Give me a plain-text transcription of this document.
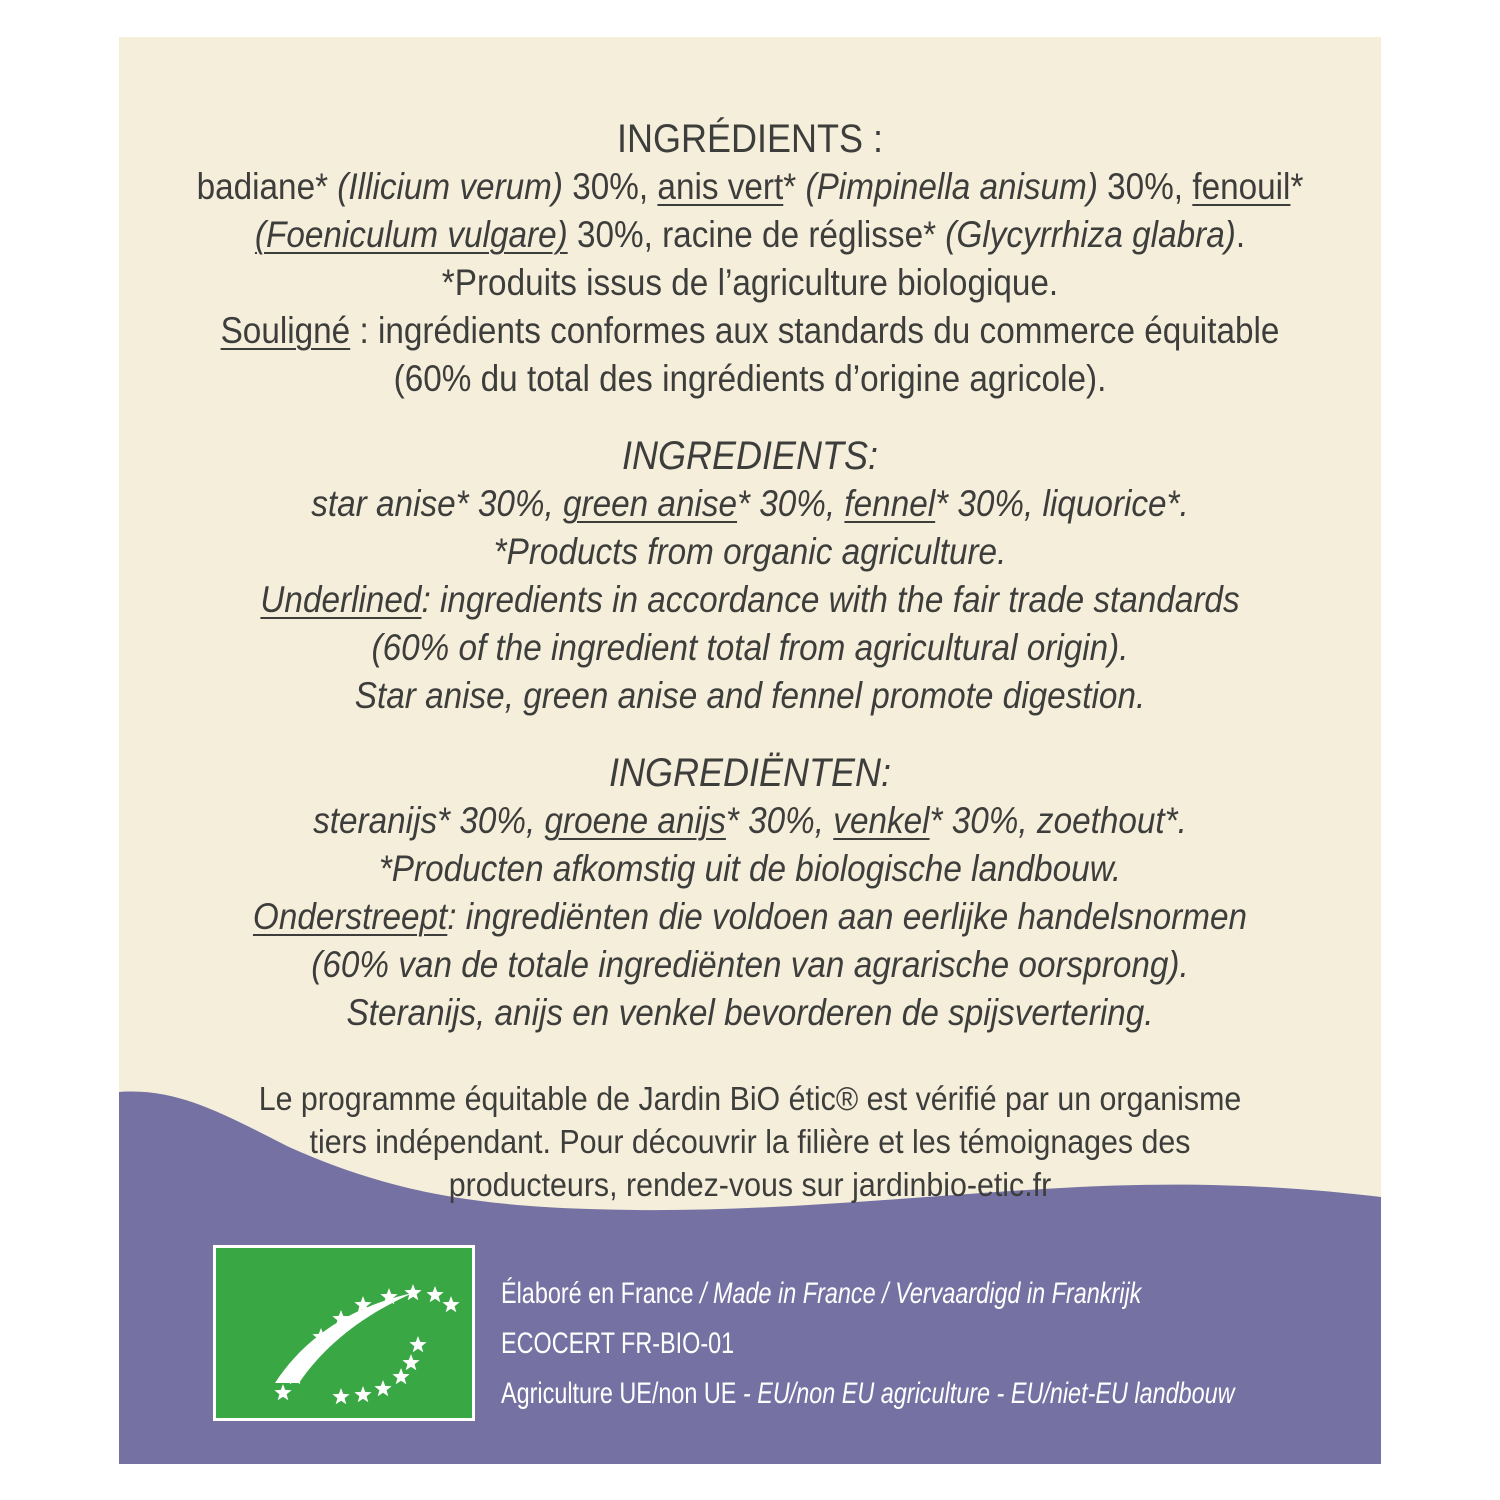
INGRÉDIENTS :

badiane* (Illicium verum) 30%, anis vert* (Pimpinella anisum) 30%, fenouil*

(Foeniculum vulgare) 30%, racine de réglisse* (Glycyrrhiza glabra).

*Produits issus de l’agriculture biologique.

Souligné : ingrédients conformes aux standards du commerce équitable

(60% du total des ingrédients d’origine agricole).

INGREDIENTS:

star anise* 30%, green anise* 30%, fennel* 30%, liquorice*.

*Products from organic agriculture.

Underlined: ingredients in accordance with the fair trade standards

(60% of the ingredient total from agricultural origin).

Star anise, green anise and fennel promote digestion.

INGREDIËNTEN:

steranijs* 30%, groene anijs* 30%, venkel* 30%, zoethout*.

*Producten afkomstig uit de biologische landbouw.

Onderstreept: ingrediënten die voldoen aan eerlijke handelsnormen

(60% van de totale ingrediënten van agrarische oorsprong).

Steranijs, anijs en venkel bevorderen de spijsvertering.

Le programme équitable de Jardin BiO étic® est vérifié par un organisme

tiers indépendant. Pour découvrir la filière et les témoignages des

producteurs, rendez-vous sur jardinbio-etic.fr

Élaboré en France / Made in France / Vervaardigd in Frankrijk

ECOCERT FR-BIO-01

Agriculture UE/non UE - EU/non EU agriculture - EU/niet-EU landbouw
